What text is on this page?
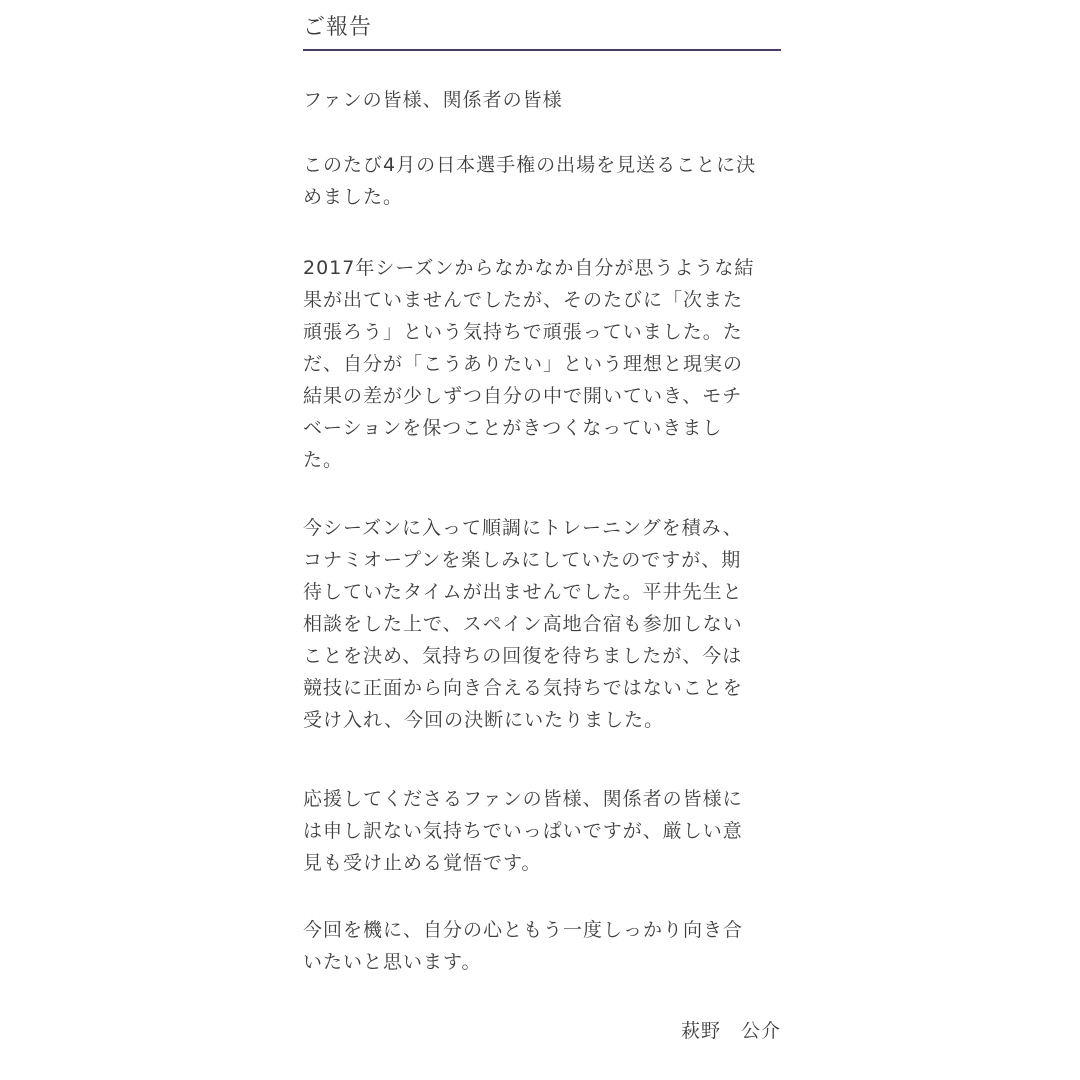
ご報告
ファンの皆様、関係者の皆様
このたび4月の日本選手権の出場を見送ることに決
めました。
2017年シーズンからなかなか自分が思うような結
果が出ていませんでしたが、そのたびに「次また
頑張ろう」という気持ちで頑張っていました。た
だ、自分が「こうありたい」という理想と現実の
結果の差が少しずつ自分の中で開いていき、モチ
ベーションを保つことがきつくなっていきまし
た。
今シーズンに入って順調にトレーニングを積み、
コナミオープンを楽しみにしていたのですが、期
待していたタイムが出ませんでした。平井先生と
相談をした上で、スペイン高地合宿も参加しない
ことを決め、気持ちの回復を待ちましたが、今は
競技に正面から向き合える気持ちではないことを
受け入れ、今回の決断にいたりました。
応援してくださるファンの皆様、関係者の皆様に
は申し訳ない気持ちでいっぱいですが、厳しい意
見も受け止める覚悟です。
今回を機に、自分の心ともう一度しっかり向き合
いたいと思います。
萩野　公介
